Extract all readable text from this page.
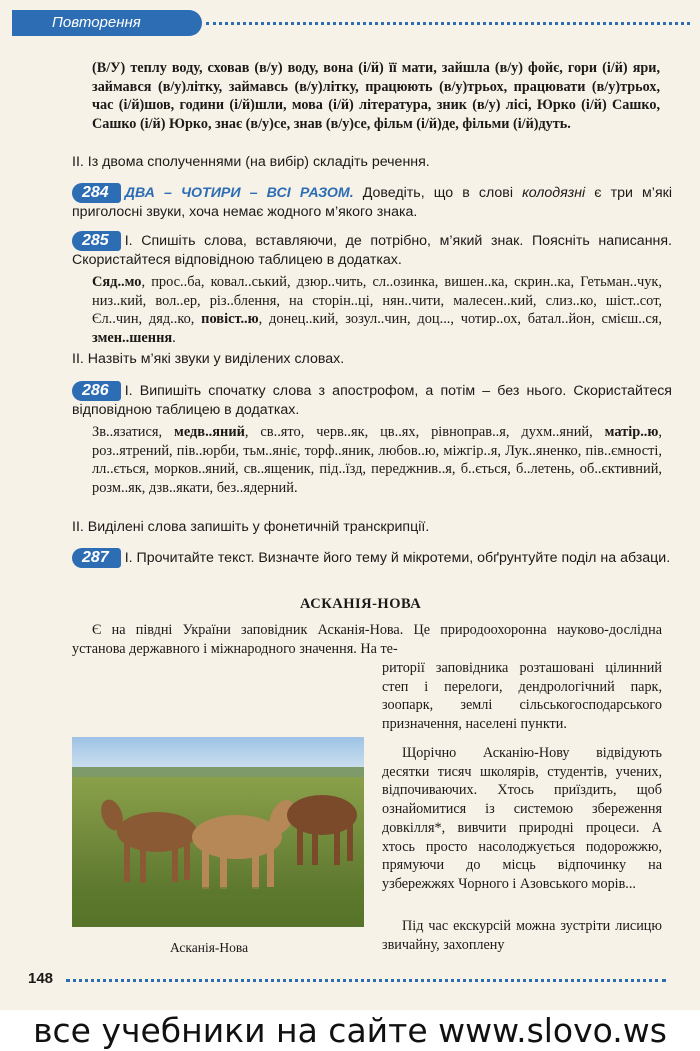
Повторення
(В/У) теплу воду, сховав (в/у) воду, вона (і/й) її мати, зайшла (в/у) фойє, гори (і/й) яри, займався (в/у)літку, займавсь (в/у)літку, працюють (в/у)трьох, працювати (в/у)трьох, час (і/й)шов, години (і/й)шли, мова (і/й) література, зник (в/у) лісі, Юрко (і/й) Сашко, Сашко (і/й) Юрко, знає (в/у)се, знав (в/у)се, фільм (і/й)де, фільми (і/й)дуть.
II. Із двома сполученнями (на вибір) складіть речення.
284 ДВА – ЧОТИРИ – ВСІ РАЗОМ. Доведіть, що в слові колодязні є три м’які приголосні звуки, хоча немає жодного м’якого знака.
285 I. Спишіть слова, вставляючи, де потрібно, м’який знак. Поясніть написання. Скористайтеся відповідною таблицею в додатках.
Сяд..мо, прос..ба, ковал..ський, дзюр..чить, сл..озинка, вишен..ка, скрин..ка, Гетьман..чук, низ..кий, вол..ер, різ..блення, на сторін..ці, нян..чити, малесен..кий, слиз..ко, шіст..сот, Єл..чин, дяд..ко, повіст..ю, донец..кий, зозул..чин, доц..., чотир..ох, батал..йон, смієш..ся, змен..шення.
II. Назвіть м’які звуки у виділених словах.
286 I. Випишіть спочатку слова з апострофом, а потім – без нього. Скористайтеся відповідною таблицею в додатках.
Зв..язатися, медв..яний, св..ято, черв..як, цв..ях, рівноправ..я, духм..яний, матір..ю, роз..ятрений, пів..юрби, тьм..яніє, торф..яник, любов..ю, міжгір..я, Лук..яненко, пів..ємності, лл..ється, морков..яний, св..ященик, під..їзд, переджнив..я, б..ється, б..летень, об..єктивний, розм..як, дзв..якати, без..ядерний.
II. Виділені слова запишіть у фонетичній транскрипції.
287 I. Прочитайте текст. Визначте його тему й мікротеми, обґрунтуйте поділ на абзаци.
АСКАНІЯ-НОВА
Є на півдні України заповідник Асканія-Нова. Це природоохоронна науково-дослідна установа державного і міжнародного значення. На те-
риторії заповідника розташовані цілинний степ і перелоги, дендрологічний парк, зоопарк, землі сільськогосподарського призначення, населені пункти.
Щорічно Асканію-Нову відвідують десятки тисяч школярів, студентів, учених, відпочиваючих. Хтось приїздить, щоб ознайомитися із системою збереження довкілля*, вивчити природні процеси. А хтось просто насолоджується подорожжю, прямуючи до місць відпочинку на узбережжях Чорного і Азовського морів...
Під час екскурсій можна зустріти лисицю звичайну, захоплену
Асканія-Нова
148
все учебники на сайте www.slovo.ws
